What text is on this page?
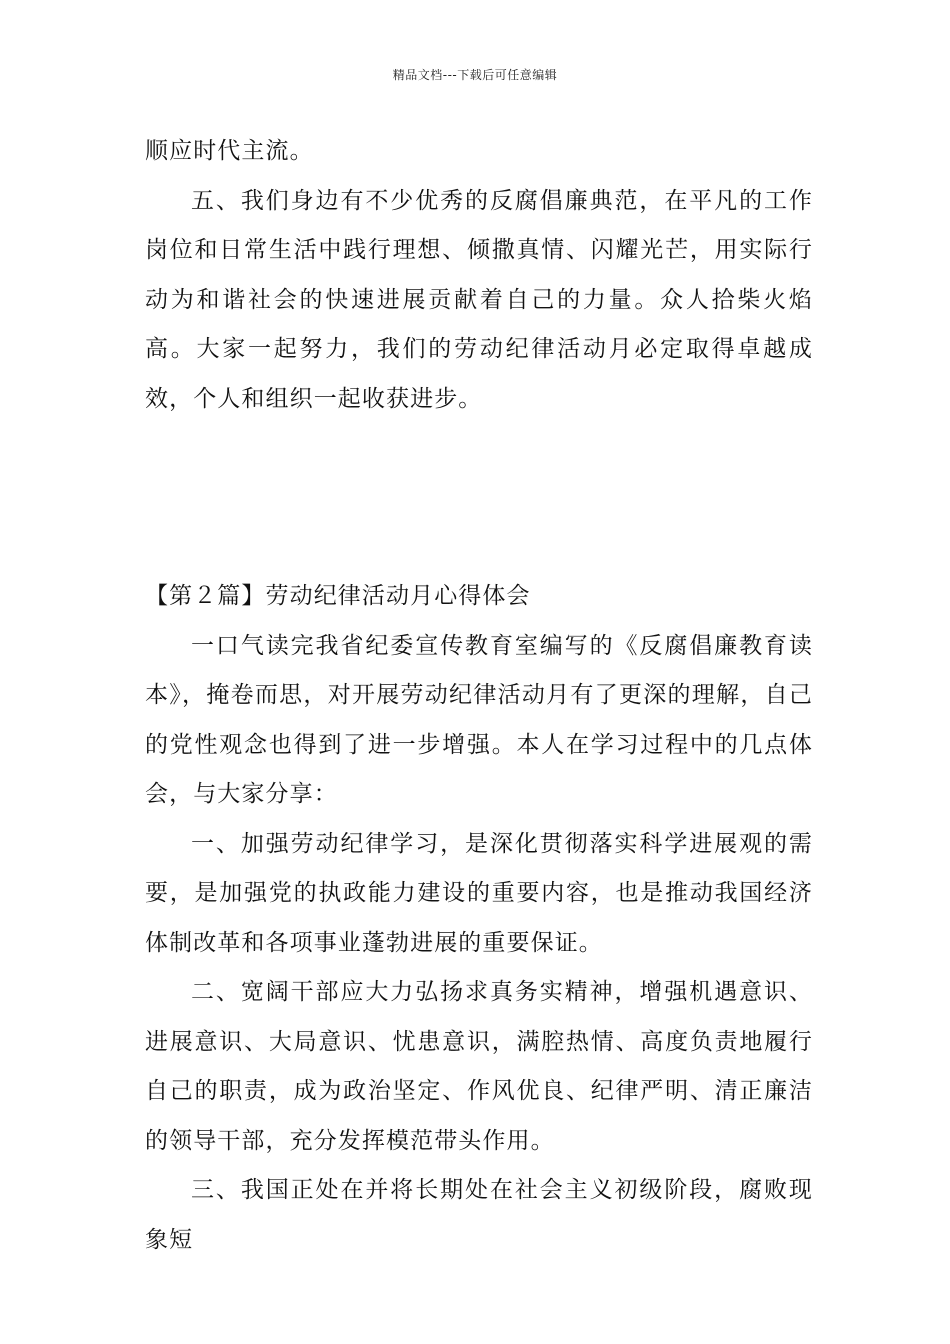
精品文档---下载后可任意编辑

顺应时代主流。

五、我们身边有不少优秀的反腐倡廉典范，在平凡的工作岗位和日常生活中践行理想、倾撒真情、闪耀光芒，用实际行动为和谐社会的快速进展贡献着自己的力量。众人拾柴火焰高。大家一起努力，我们的劳动纪律活动月必定取得卓越成效，个人和组织一起收获进步。

【第２篇】劳动纪律活动月心得体会

一口气读完我省纪委宣传教育室编写的《反腐倡廉教育读本》，掩卷而思，对开展劳动纪律活动月有了更深的理解，自己的党性观念也得到了进一步增强。本人在学习过程中的几点体会，与大家分享：

一、加强劳动纪律学习，是深化贯彻落实科学进展观的需要，是加强党的执政能力建设的重要内容，也是推动我国经济体制改革和各项事业蓬勃进展的重要保证。

二、宽阔干部应大力弘扬求真务实精神，增强机遇意识、进展意识、大局意识、忧患意识，满腔热情、高度负责地履行自己的职责，成为政治坚定、作风优良、纪律严明、清正廉洁的领导干部，充分发挥模范带头作用。

三、我国正处在并将长期处在社会主义初级阶段，腐败现象短
